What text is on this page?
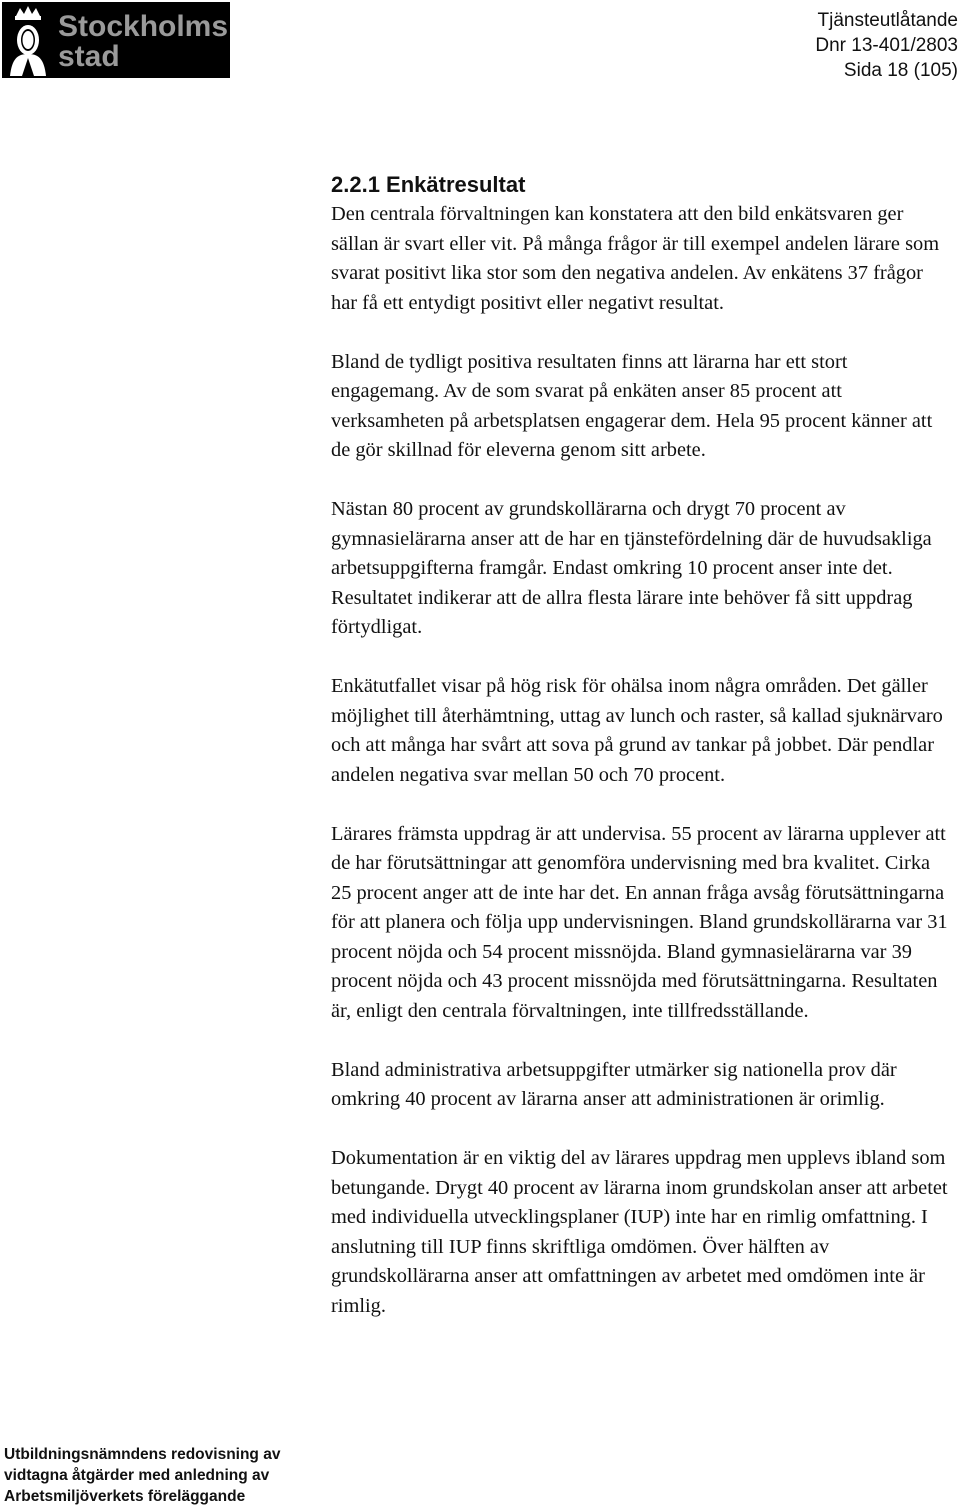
Stockholms
stad
Tjänsteutlåtande
Dnr 13-401/2803
Sida 18 (105)
2.2.1 Enkätresultat

Den centrala förvaltningen kan konstatera att den bild enkätsvaren ger sällan är svart eller vit. På många frågor är till exempel andelen lärare som svarat positivt lika stor som den negativa andelen. Av enkätens 37 frågor har få ett entydigt positivt eller negativt resultat.

Bland de tydligt positiva resultaten finns att lärarna har ett stort engagemang. Av de som svarat på enkäten anser 85 procent att verksamheten på arbetsplatsen engagerar dem. Hela 95 procent känner att de gör skillnad för eleverna genom sitt arbete.

Nästan 80 procent av grundskollärarna och drygt 70 procent av gymnasielärarna anser att de har en tjänstefördelning där de huvudsakliga arbetsuppgifterna framgår. Endast omkring 10 procent anser inte det. Resultatet indikerar att de allra flesta lärare inte behöver få sitt uppdrag förtydligat.

Enkätutfallet visar på hög risk för ohälsa inom några områden. Det gäller möjlighet till återhämtning, uttag av lunch och raster, så kallad sjuknärvaro och att många har svårt att sova på grund av tankar på jobbet. Där pendlar andelen negativa svar mellan 50 och 70 procent.

Lärares främsta uppdrag är att undervisa. 55 procent av lärarna upplever att de har förutsättningar att genomföra undervisning med bra kvalitet. Cirka 25 procent anger att de inte har det. En annan fråga avsåg förutsättningarna för att planera och följa upp undervisningen. Bland grundskollärarna var 31 procent nöjda och 54 procent missnöjda. Bland gymnasielärarna var 39 procent nöjda och 43 procent missnöjda med förutsättningarna. Resultaten är, enligt den centrala förvaltningen, inte tillfredsställande.

Bland administrativa arbetsuppgifter utmärker sig nationella prov där omkring 40 procent av lärarna anser att administrationen är orimlig.

Dokumentation är en viktig del av lärares uppdrag men upplevs ibland som betungande. Drygt 40 procent av lärarna inom grundskolan anser att arbetet med individuella utvecklingsplaner (IUP) inte har en rimlig omfattning. I anslutning till IUP finns skriftliga omdömen. Över hälften av grundskollärarna anser att omfattningen av arbetet med omdömen inte är rimlig.

Utbildningsnämndens redovisning av
vidtagna åtgärder med anledning av
Arbetsmiljöverkets föreläggande
